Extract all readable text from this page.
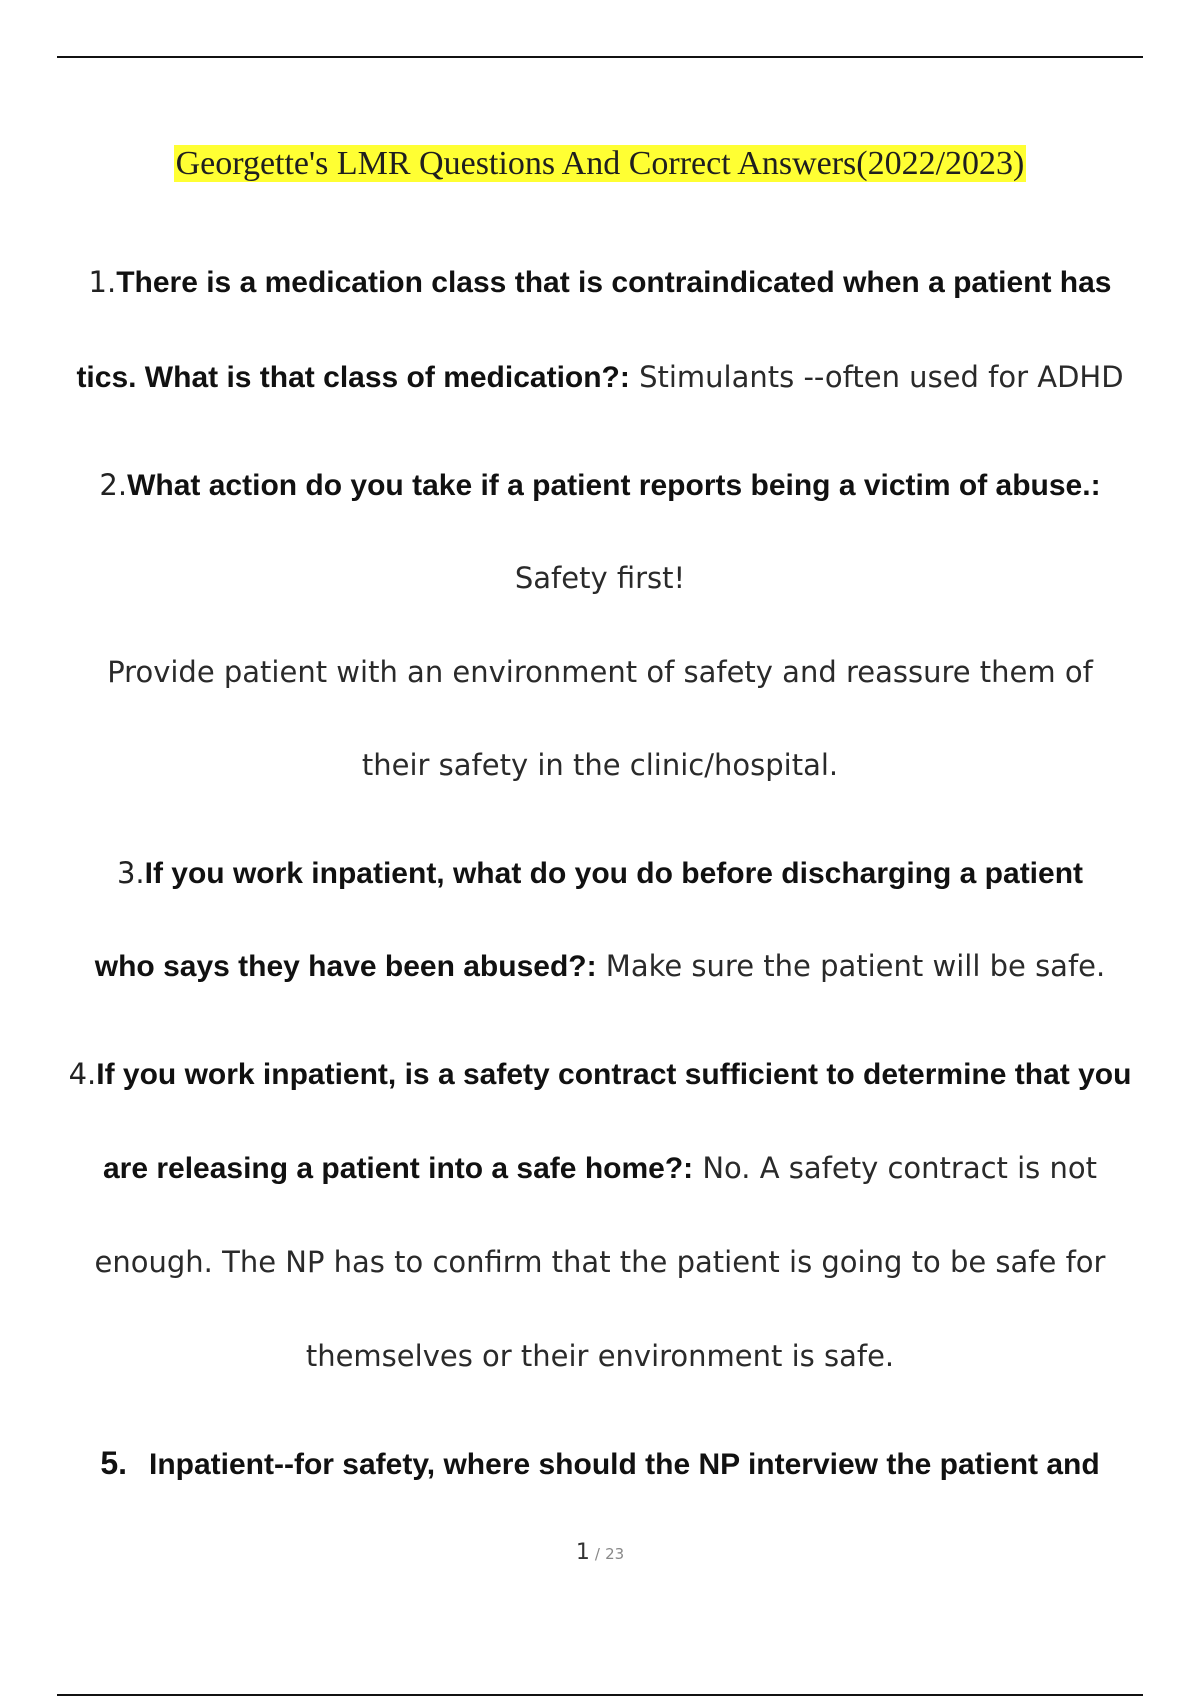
Georgette's LMR Questions And Correct Answers(2022/2023)
1.There is a medication class that is contraindicated when a patient has
tics. What is that class of medication?: Stimulants --often used for ADHD
2.What action do you take if a patient reports being a victim of abuse.:
Safety first!
Provide patient with an environment of safety and reassure them of
their safety in the clinic/hospital.
3.If you work inpatient, what do you do before discharging a patient
who says they have been abused?: Make sure the patient will be safe.
4.If you work inpatient, is a safety contract sufficient to determine that you
are releasing a patient into a safe home?: No. A safety contract is not
enough. The NP has to confirm that the patient is going to be safe for
themselves or their environment is safe.
5. Inpatient--for safety, where should the NP interview the patient and
1 / 23
